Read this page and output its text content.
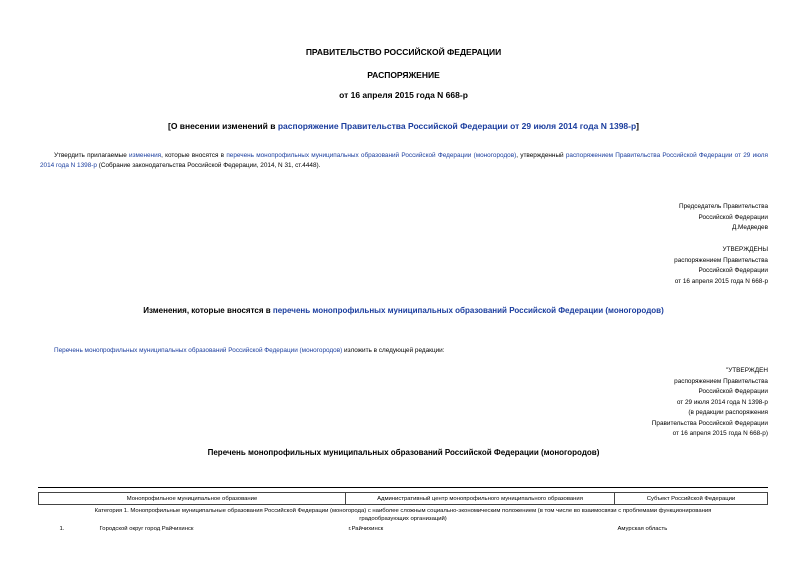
ПРАВИТЕЛЬСТВО РОССИЙСКОЙ ФЕДЕРАЦИИ
РАСПОРЯЖЕНИЕ
от 16 апреля 2015 года N 668-р
[О внесении изменений в распоряжение Правительства Российской Федерации от 29 июля 2014 года N 1398-р]
Утвердить прилагаемые изменения, которые вносятся в перечень монопрофильных муниципальных образований Российской Федерации (моногородов), утвержденный распоряжением Правительства Российской Федерации от 29 июля 2014 года N 1398-р (Собрание законодательства Российской Федерации, 2014, N 31, ст.4448).
Председатель Правительства
Российской Федерации
Д.Медведев
УТВЕРЖДЕНЫ
распоряжением Правительства
Российской Федерации
от 16 апреля 2015 года N 668-р
Изменения, которые вносятся в перечень монопрофильных муниципальных образований Российской Федерации (моногородов)
Перечень монопрофильных муниципальных образований Российской Федерации (моногородов) изложить в следующей редакции:
"УТВЕРЖДЕН
распоряжением Правительства
Российской Федерации
от 29 июля 2014 года N 1398-р
(в редакции распоряжения
Правительства Российской Федерации
от 16 апреля 2015 года N 668-р)
Перечень монопрофильных муниципальных образований Российской Федерации (моногородов)
Монопрофильное муниципальное образование	Административный центр монопрофильного муниципального образования	Субъект Российской Федерации
Категория 1. Монопрофильные муниципальные образования Российской Федерации (моногорода) с наиболее сложным социально-экономическим положением (в том числе во взаимосвязи с проблемами функционирования градообразующих организаций)		
1. Городской округ город Райчихинск	г.Райчихинск	Амурская область
